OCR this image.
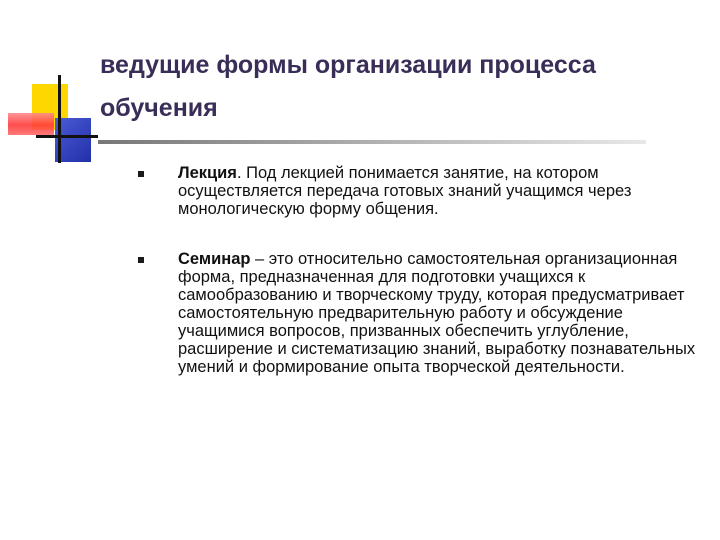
ведущие формы организации процесса обучения
Лекция. Под лекцией понимается занятие, на котором осуществляется передача готовых знаний учащимся через монологическую форму общения.
Семинар – это относительно самостоятельная организационная форма, предназначенная для подготовки учащихся к самообразованию и творческому труду, которая предусматривает самостоятельную предварительную работу и обсуждение учащимися вопросов, призванных обеспечить углубление, расширение и систематизацию знаний, выработку познавательных умений и формирование опыта творческой деятельности.
